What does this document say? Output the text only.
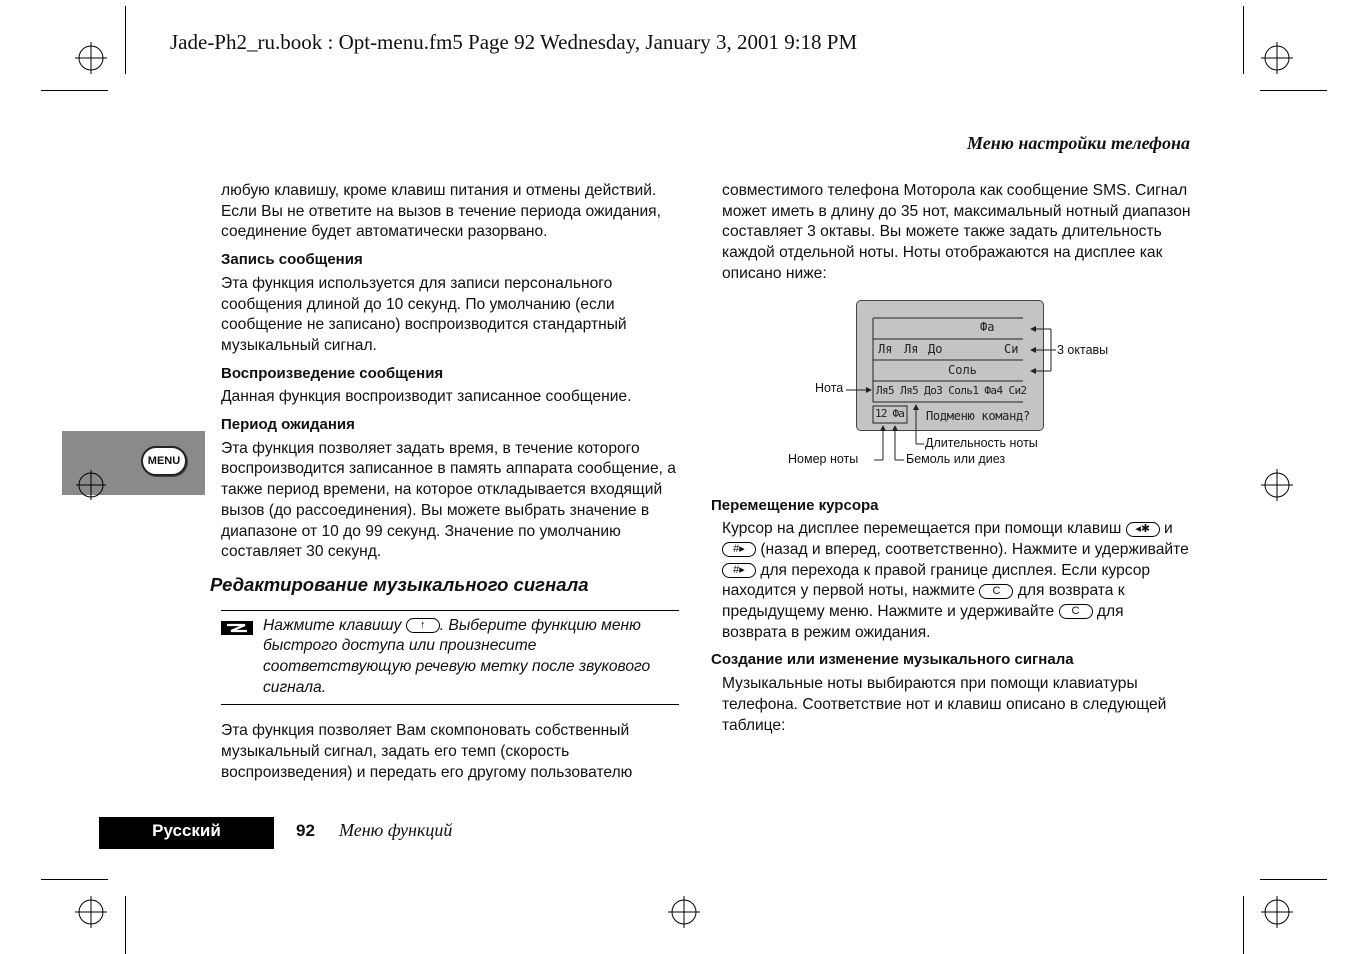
Jade-Ph2_ru.book : Opt-menu.fm5 Page 92 Wednesday, January 3, 2001 9:18 PM
Меню настройки телефона
MENU

любую клавишу, кроме клавиш питания и отмены действий. Если Вы не ответите на вызов в течение периода ожидания, соединение будет автоматически разорвано.

Запись сообщения

Эта функция используется для записи персонального сообщения длиной до 10 секунд. По умолчанию (если сообщение не записано) воспроизводится стандартный музыкальный сигнал.

Воспроизведение сообщения

Данная функция воспроизводит записанное сообщение.

Период ожидания

Эта функция позволяет задать время, в течение которого воспроизводится записанное в память аппарата сообщение, а также период времени, на которое откладывается входящий вызов (до рассоединения). Вы можете выбрать значение в диапазоне от 10 до 99 секунд. Значение по умолчанию составляет 30 секунд.

Редактирование музыкального сигнала

Нажмите клавишу ↑ . Выберите функцию меню быстрого доступа или произнесите соответствующую речевую метку после звукового сигнала.

Эта функция позволяет Вам скомпоновать собственный музыкальный сигнал, задать его темп (скорость воспроизведения) и передать его другому пользователю

совместимого телефона Моторола как сообщение SMS. Сигнал может иметь в длину до 35 нот, максимальный нотный диапазон составляет 3 октавы. Вы можете также задать длительность каждой отдельной ноты. Ноты отображаются на дисплее как описано ниже:

Перемещение курсора

Курсор на дисплее перемещается при помощи клавиш ◂✱ и #▸ (назад и вперед, соответственно). Нажмите и удерживайте #▸ для перехода к правой границе дисплея. Если курсор находится у первой ноты, нажмите C для возврата к предыдущему меню. Нажмите и удерживайте C для возврата в режим ожидания.

Создание или изменение музыкального сигнала

Музыкальные ноты выбираются при помощи клавиатуры телефона. Соответствие нот и клавиш описано в следующей таблице:

Фа
Ля Ля До	Си
Соль
Ля5 Ля5 До3 Соль1 Фа4 Си2
12 Фа Подменю команд?
3 октавы
Нота
Длительность ноты
Номер ноты	Бемоль или диез
Русский	92 Меню функций
